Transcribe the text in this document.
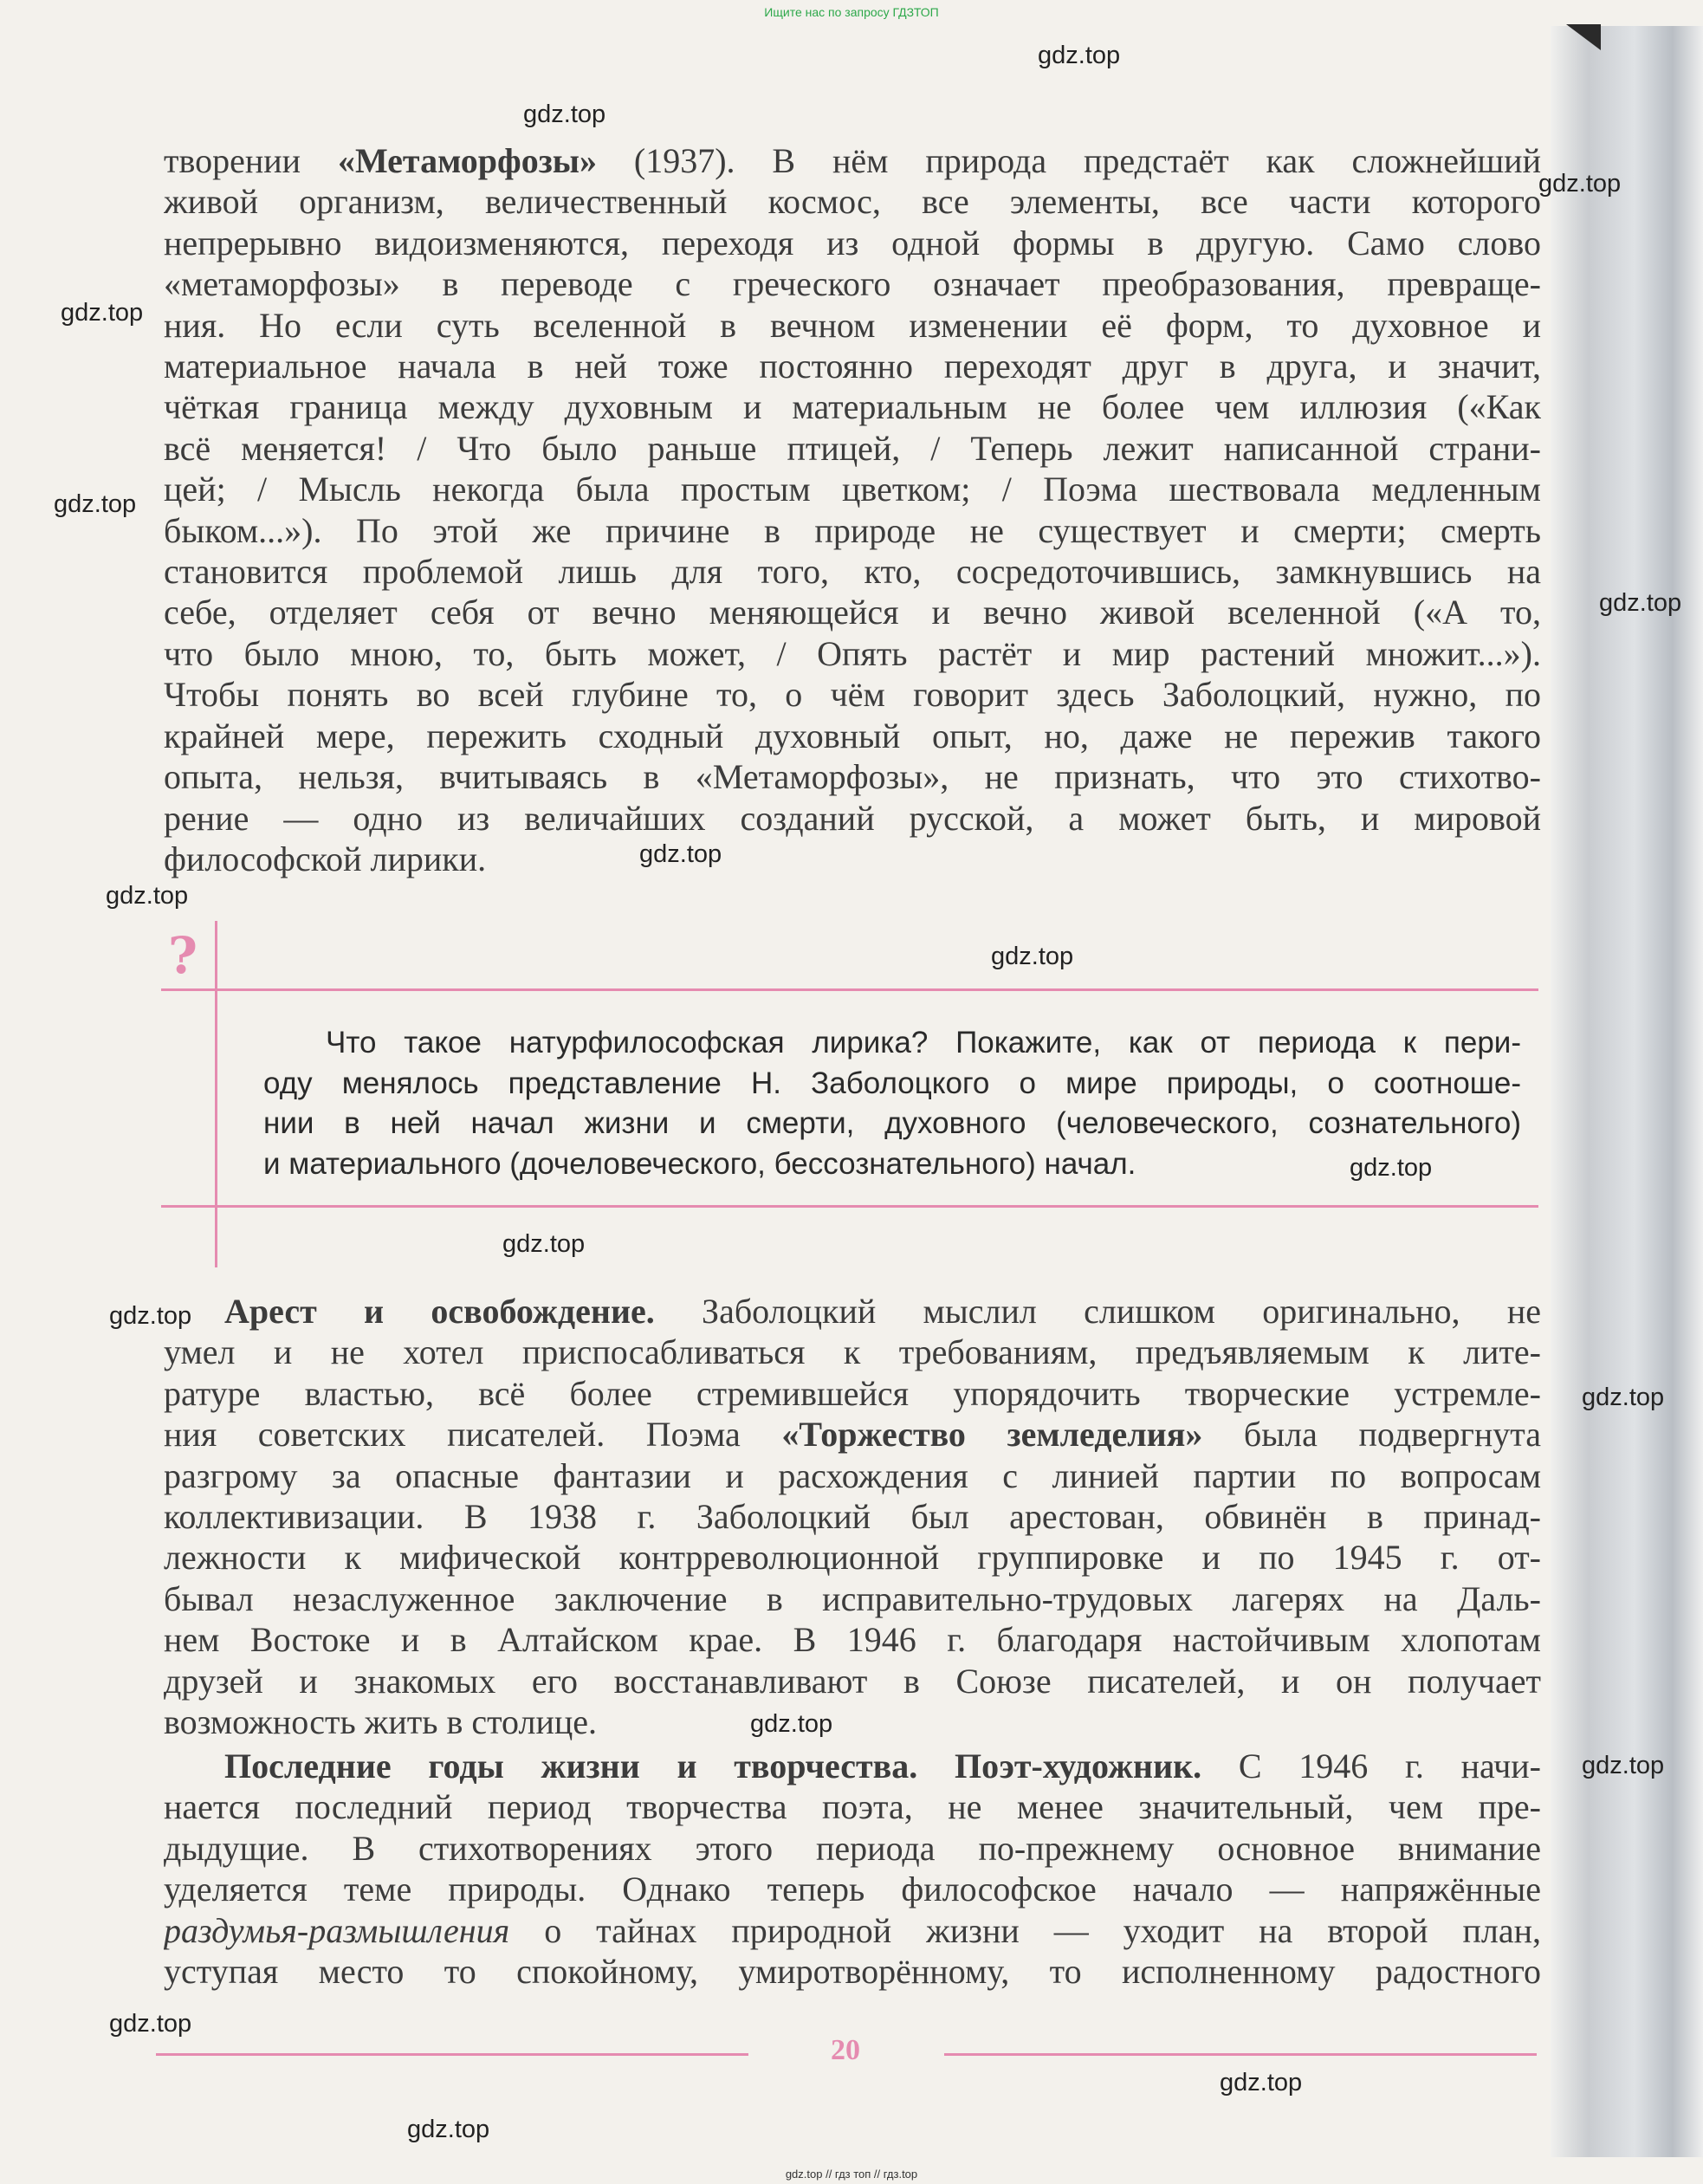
Ищите нас по запросу ГДЗТОП
gdz.top
gdz.top
gdz.top
gdz.top
gdz.top
gdz.top
gdz.top
gdz.top
gdz.top
gdz.top
gdz.top
gdz.top
gdz.top
gdz.top
gdz.top
gdz.top
gdz.top
gdz.top
творении «Метаморфозы» (1937). В нём природа предстаёт как сложнейший
живой организм, величественный космос, все элементы, все части которого
непрерывно видоизменяются, переходя из одной формы в другую. Само слово
«метаморфозы» в переводе с греческого означает преобразования, превраще-
ния. Но если суть вселенной в вечном изменении её форм, то духовное и
материальное начала в ней тоже постоянно переходят друг в друга, и значит,
чёткая граница между духовным и материальным не более чем иллюзия («Как
всё меняется! / Что было раньше птицей, / Теперь лежит написанной страни-
цей; / Мысль некогда была простым цветком; / Поэма шествовала медленным
быком...»). По этой же причине в природе не существует и смерти; смерть
становится проблемой лишь для того, кто, сосредоточившись, замкнувшись на
себе, отделяет себя от вечно меняющейся и вечно живой вселенной («А то,
что было мною, то, быть может, / Опять растёт и мир растений множит...»).
Чтобы понять во всей глубине то, о чём говорит здесь Заболоцкий, нужно, по
крайней мере, пережить сходный духовный опыт, но, даже не пережив такого
опыта, нельзя, вчитываясь в «Метаморфозы», не признать, что это стихотво-
рение — одно из величайших созданий русской, а может быть, и мировой
философской лирики.
?
Что такое натурфилософская лирика? Покажите, как от периода к пери-
оду менялось представление Н. Заболоцкого о мире природы, о соотноше-
нии в ней начал жизни и смерти, духовного (человеческого, сознательного)
и материального (дочеловеческого, бессознательного) начал.
Арест и освобождение. Заболоцкий мыслил слишком оригинально, не
умел и не хотел приспосабливаться к требованиям, предъявляемым к лите-
ратуре властью, всё более стремившейся упорядочить творческие устремле-
ния советских писателей. Поэма «Торжество земледелия» была подвергнута
разгрому за опасные фантазии и расхождения с линией партии по вопросам
коллективизации. В 1938 г. Заболоцкий был арестован, обвинён в принад-
лежности к мифической контрреволюционной группировке и по 1945 г. от-
бывал незаслуженное заключение в исправительно-трудовых лагерях на Даль-
нем Востоке и в Алтайском крае. В 1946 г. благодаря настойчивым хлопотам
друзей и знакомых его восстанавливают в Союзе писателей, и он получает
возможность жить в столице.
Последние годы жизни и творчества. Поэт-художник. С 1946 г. начи-
нается последний период творчества поэта, не менее значительный, чем пре-
дыдущие. В стихотворениях этого периода по-прежнему основное внимание
уделяется теме природы. Однако теперь философское начало — напряжённые
раздумья-размышления о тайнах природной жизни — уходит на второй план,
уступая место то спокойному, умиротворённому, то исполненному радостного
20
gdz.top // гдз топ // гдз.top
